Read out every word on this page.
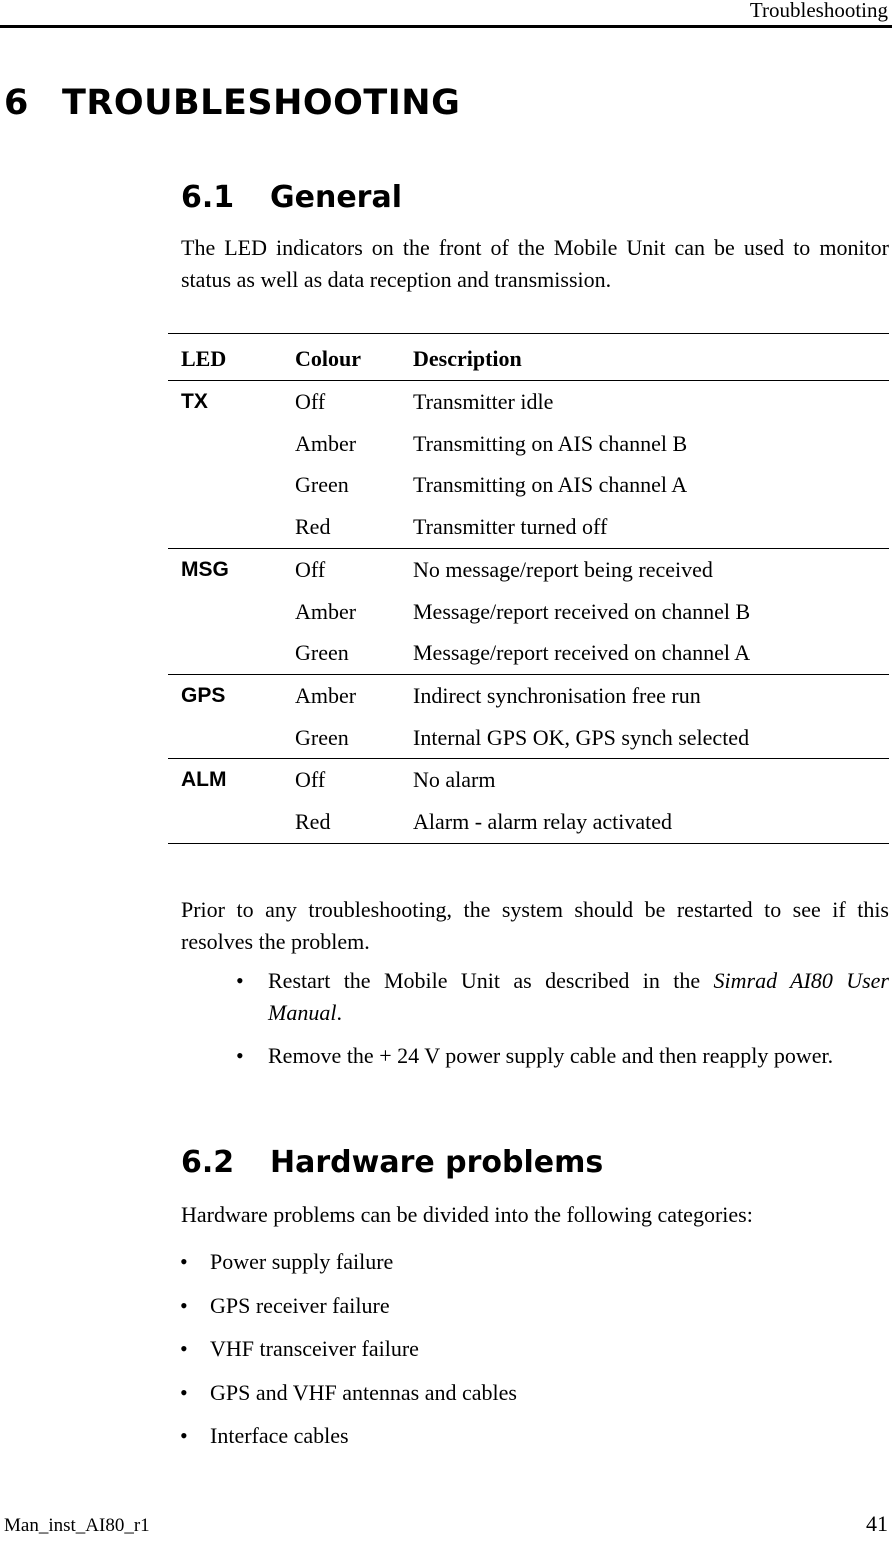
Troubleshooting
6 TROUBLESHOOTING
6.1 General

The LED indicators on the front of the Mobile Unit can be used to monitor status as well as data reception and transmission.

LED	Colour	Description
TX	Off	Transmitter idle
	Amber	Transmitting on AIS channel B
	Green	Transmitting on AIS channel A
	Red	Transmitter turned off
MSG	Off	No message/report being received
	Amber	Message/report received on channel B
	Green	Message/report received on channel A
GPS	Amber	Indirect synchronisation free run
	Green	Internal GPS OK, GPS synch selected
ALM	Off	No alarm
	Red	Alarm - alarm relay activated

Prior to any troubleshooting, the system should be restarted to see if this resolves the problem.

• Restart the Mobile Unit as described in the Simrad AI80 User Manual.
• Remove the + 24 V power supply cable and then reapply power.
6.2 Hardware problems

Hardware problems can be divided into the following categories:

• Power supply failure
• GPS receiver failure
• VHF transceiver failure
• GPS and VHF antennas and cables
• Interface cables
Man_inst_AI80_r1	41
